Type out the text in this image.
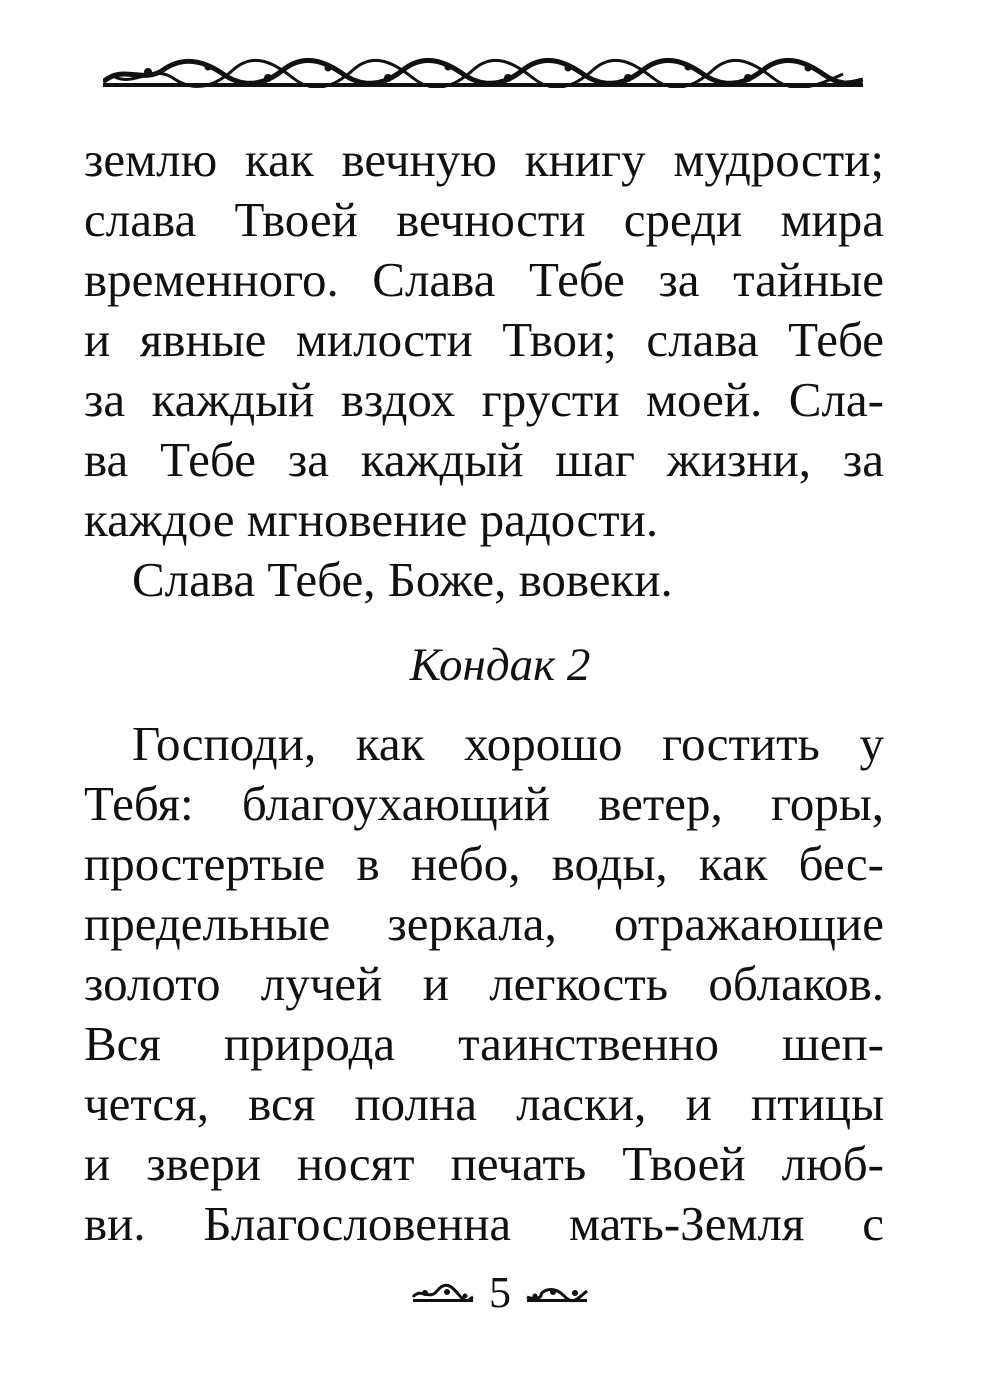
землю как вечную книгу мудрости;
слава Твоей вечности среди мира
временного. Слава Тебе за тайные
и явные милости Твои; слава Тебе
за каждый вздох грусти моей. Сла-
ва Тебе за каждый шаг жизни, за
каждое мгновение радости.
Слава Тебе, Боже, вовеки.
Кондак 2
Господи, как хорошо гостить у
Тебя: благоухающий ветер, горы,
простертые в небо, воды, как бес-
предельные зеркала, отражающие
золото лучей и легкость облаков.
Вся природа таинственно шеп-
чется, вся полна ласки, и птицы
и звери носят печать Твоей люб-
ви. Благословенна мать-Земля с
5
